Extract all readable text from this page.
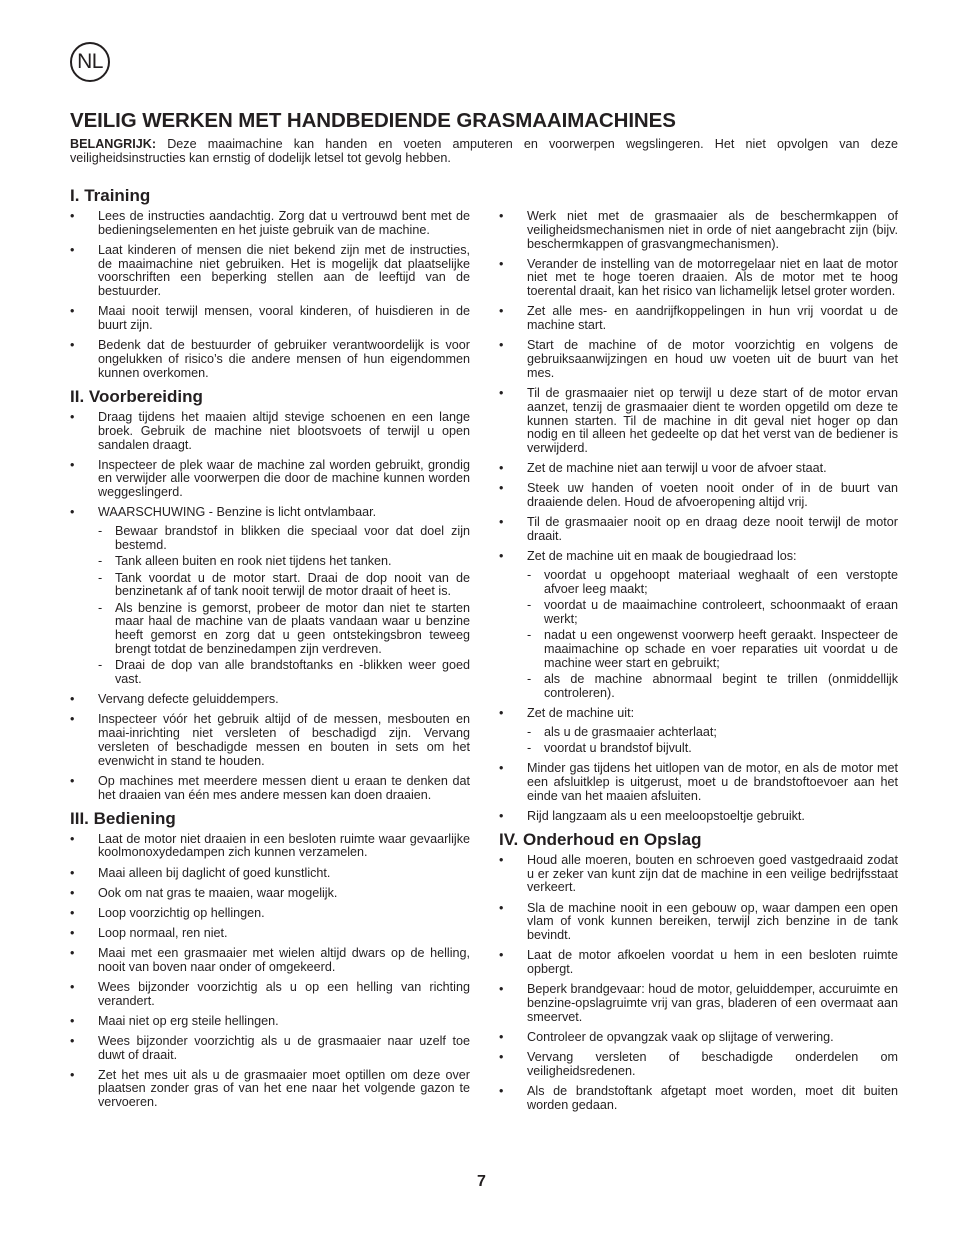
NL
VEILIG WERKEN MET HANDBEDIENDE GRASMAAIMACHINES

BELANGRIJK: Deze maaimachine kan handen en voeten amputeren en voorwerpen wegslingeren. Het niet opvolgen van deze veiligheidsinstructies kan ernstig of dodelijk letsel tot gevolg hebben.

I. Training
•	Lees de instructies aandachtig. Zorg dat u vertrouwd bent met de bedieningselementen en het juiste gebruik van de machine.
•	Laat kinderen of mensen die niet bekend zijn met de instructies, de maaimachine niet gebruiken. Het is mogelijk dat plaatselijke voorschriften een beperking stellen aan de leeftijd van de bestuurder.
•	Maai nooit terwijl mensen, vooral kinderen, of huisdieren in de buurt zijn.
•	Bedenk dat de bestuurder of gebruiker verantwoordelijk is voor ongelukken of risico’s die andere mensen of hun eigendommen kunnen overkomen.
II. Voorbereiding
•	Draag tijdens het maaien altijd stevige schoenen en een lange broek. Gebruik de machine niet blootsvoets of terwijl u open sandalen draagt.
•	Inspecteer de plek waar de machine zal worden gebruikt, grondig en verwijder alle voorwerpen die door de machine kunnen worden weggeslingerd.
•	WAARSCHUWING - Benzine is licht ontvlambaar.
- Bewaar brandstof in blikken die speciaal voor dat doel zijn bestemd.
- Tank alleen buiten en rook niet tijdens het tanken.
- Tank voordat u de motor start. Draai de dop nooit van de benzinetank af of tank nooit terwijl de motor draait of heet is.
- Als benzine is gemorst, probeer de motor dan niet te starten maar haal de machine van de plaats vandaan waar u benzine heeft gemorst en zorg dat u geen ontstekingsbron teweeg brengt totdat de benzinedampen zijn verdreven.
- Draai de dop van alle brandstoftanks en -blikken weer goed vast.
•	Vervang defecte geluiddempers.
•	Inspecteer vóór het gebruik altijd of de messen, mesbouten en maai-inrichting niet versleten of beschadigd zijn. Vervang versleten of beschadigde messen en bouten in sets om het evenwicht in stand te houden.
•	Op machines met meerdere messen dient u eraan te denken dat het draaien van één mes andere messen kan doen draaien.
III. Bediening
•	Laat de motor niet draaien in een besloten ruimte waar gevaarlijke koolmonoxydedampen zich kunnen verzamelen.
•	Maai alleen bij daglicht of goed kunstlicht.
•	Ook om nat gras te maaien, waar mogelijk.
•	Loop voorzichtig op hellingen.
•	Loop normaal, ren niet.
•	Maai met een grasmaaier met wielen altijd dwars op de helling, nooit van boven naar onder of omgekeerd.
•	Wees bijzonder voorzichtig als u op een helling van richting verandert.
•	Maai niet op erg steile hellingen.
•	Wees bijzonder voorzichtig als u de grasmaaier naar uzelf toe duwt of draait.
•	Zet het mes uit als u de grasmaaier moet optillen om deze over plaatsen zonder gras of van het ene naar het volgende gazon te vervoeren.
•	Werk niet met de grasmaaier als de beschermkappen of veiligheidsmechanismen niet in orde of niet aangebracht zijn (bijv. beschermkappen of grasvangmechanismen).
•	Verander de instelling van de motorregelaar niet en laat de motor niet met te hoge toeren draaien. Als de motor met te hoog toerental draait, kan het risico van lichamelijk letsel groter worden.
•	Zet alle mes- en aandrijfkoppelingen in hun vrij voordat u de machine start.
•	Start de machine of de motor voorzichtig en volgens de gebruiksaanwijzingen en houd uw voeten uit de buurt van het mes.
•	Til de grasmaaier niet op terwijl u deze start of de motor ervan aanzet, tenzij de grasmaaier dient te worden opgetild om deze te kunnen starten. Til de machine in dit geval niet hoger op dan nodig en til alleen het gedeelte op dat het verst van de bediener is verwijderd.
•	Zet de machine niet aan terwijl u voor de afvoer staat.
•	Steek uw handen of voeten nooit onder of in de buurt van draaiende delen. Houd de afvoeropening altijd vrij.
•	Til de grasmaaier nooit op en draag deze nooit terwijl de motor draait.
•	Zet de machine uit en maak de bougiedraad los:
- voordat u opgehoopt materiaal weghaalt of een verstopte afvoer leeg maakt;
- voordat u de maaimachine controleert, schoonmaakt of eraan werkt;
- nadat u een ongewenst voorwerp heeft geraakt. Inspecteer de maaimachine op schade en voer reparaties uit voordat u de machine weer start en gebruikt;
- als de machine abnormaal begint te trillen (onmiddellijk controleren).
•	Zet de machine uit:
- als u de grasmaaier achterlaat;
- voordat u brandstof bijvult.
•	Minder gas tijdens het uitlopen van de motor, en als de motor met een afsluitklep is uitgerust, moet u de brandstoftoevoer aan het einde van het maaien afsluiten.
•	Rijd langzaam als u een meeloopstoeltje gebruikt.
IV. Onderhoud en Opslag
•	Houd alle moeren, bouten en schroeven goed vastgedraaid zodat u er zeker van kunt zijn dat de machine in een veilige bedrijfsstaat verkeert.
•	Sla de machine nooit in een gebouw op, waar dampen een open vlam of vonk kunnen bereiken, terwijl zich benzine in de tank bevindt.
•	Laat de motor afkoelen voordat u hem in een besloten ruimte opbergt.
•	Beperk brandgevaar: houd de motor, geluiddemper, accuruimte en benzine-opslagruimte vrij van gras, bladeren of een overmaat aan smeervet.
•	Controleer de opvangzak vaak op slijtage of verwering.
•	Vervang versleten of beschadigde onderdelen om veiligheidsredenen.
•	Als de brandstoftank afgetapt moet worden, moet dit buiten worden gedaan.
7
